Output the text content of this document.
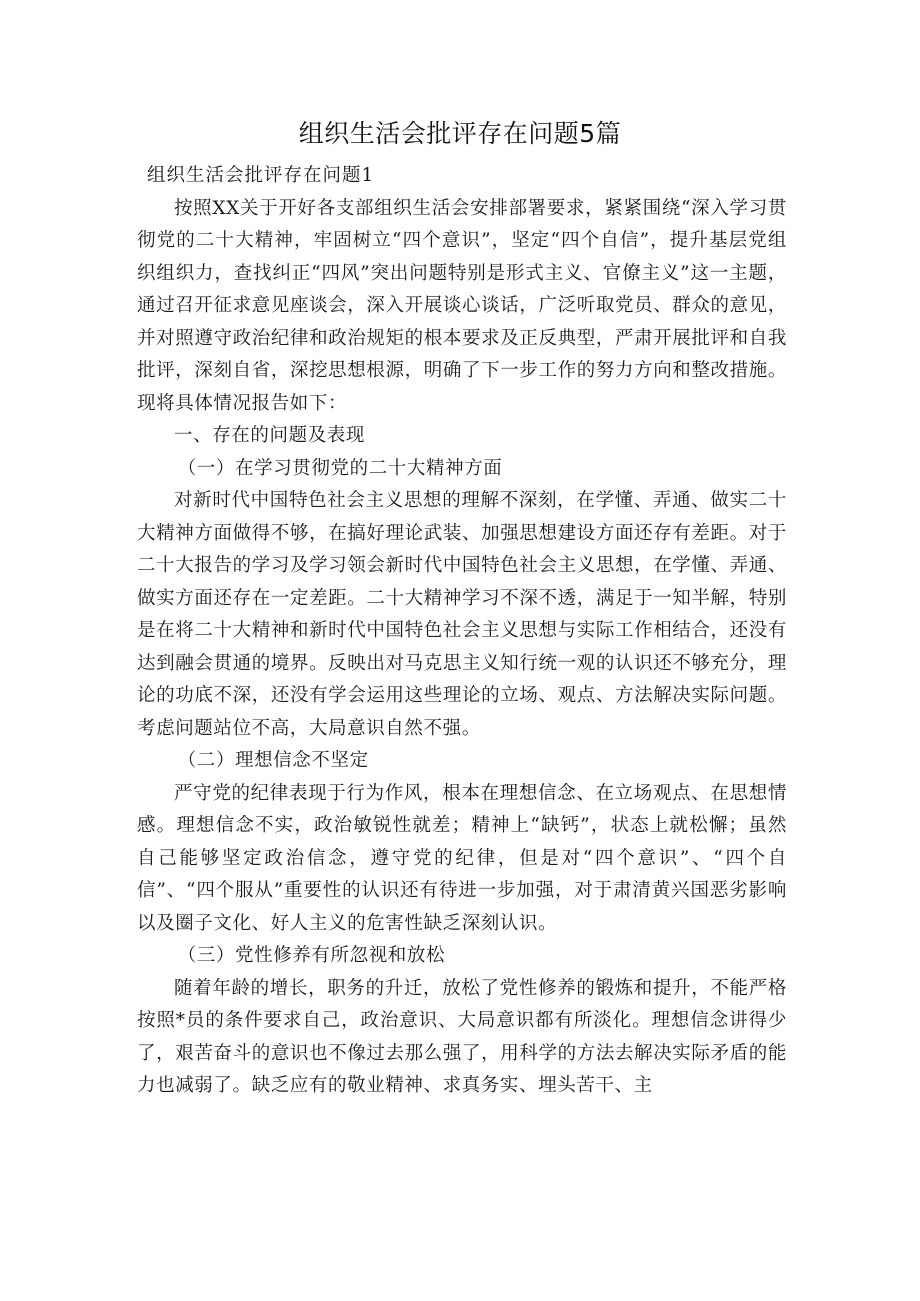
组织生活会批评存在问题5篇

组织生活会批评存在问题1

按照XX关于开好各支部组织生活会安排部署要求，紧紧围绕“深入学习贯彻党的二十大精神，牢固树立“四个意识”，坚定“四个自信”，提升基层党组织组织力，查找纠正“四风”突出问题特别是形式主义、官僚主义”这一主题，通过召开征求意见座谈会，深入开展谈心谈话，广泛听取党员、群众的意见，并对照遵守政治纪律和政治规矩的根本要求及正反典型，严肃开展批评和自我批评，深刻自省，深挖思想根源，明确了下一步工作的努力方向和整改措施。现将具体情况报告如下：

一、存在的问题及表现

（一）在学习贯彻党的二十大精神方面

对新时代中国特色社会主义思想的理解不深刻，在学懂、弄通、做实二十大精神方面做得不够，在搞好理论武装、加强思想建设方面还存有差距。对于二十大报告的学习及学习领会新时代中国特色社会主义思想，在学懂、弄通、做实方面还存在一定差距。二十大精神学习不深不透，满足于一知半解，特别是在将二十大精神和新时代中国特色社会主义思想与实际工作相结合，还没有达到融会贯通的境界。反映出对马克思主义知行统一观的认识还不够充分，理论的功底不深，还没有学会运用这些理论的立场、观点、方法解决实际问题。考虑问题站位不高，大局意识自然不强。

（二）理想信念不坚定

严守党的纪律表现于行为作风，根本在理想信念、在立场观点、在思想情感。理想信念不实，政治敏锐性就差；精神上“缺钙”，状态上就松懈；虽然自己能够坚定政治信念，遵守党的纪律，但是对“四个意识”、“四个自信”、“四个服从”重要性的认识还有待进一步加强，对于肃清黄兴国恶劣影响以及圈子文化、好人主义的危害性缺乏深刻认识。

（三）党性修养有所忽视和放松

随着年龄的增长，职务的升迁，放松了党性修养的锻炼和提升，不能严格按照*员的条件要求自己，政治意识、大局意识都有所淡化。理想信念讲得少了，艰苦奋斗的意识也不像过去那么强了，用科学的方法去解决实际矛盾的能力也减弱了。缺乏应有的敬业精神、求真务实、埋头苦干、主
